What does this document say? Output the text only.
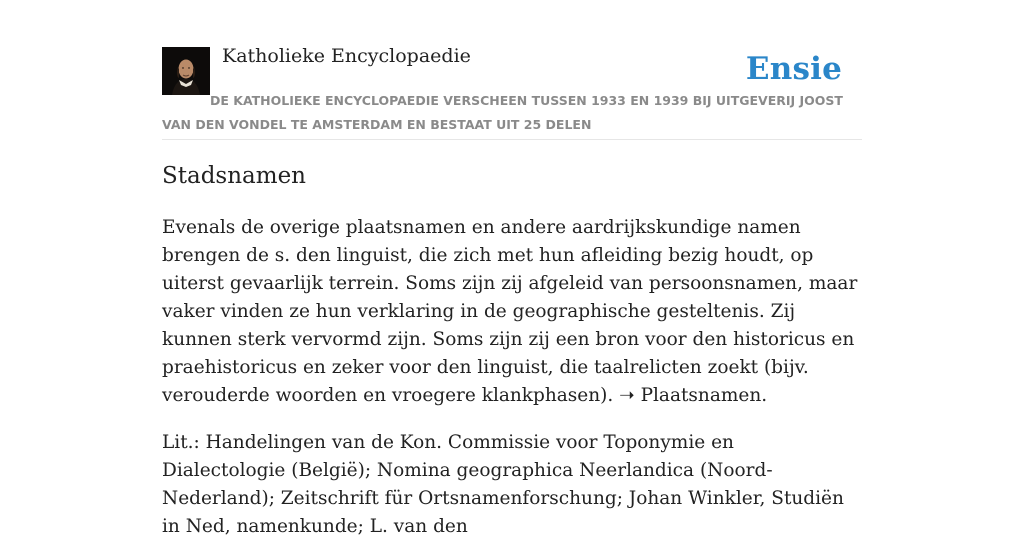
Katholieke Encyclopaedie	Ensie

DE KATHOLIEKE ENCYCLOPAEDIE VERSCHEEN TUSSEN 1933 EN 1939 BIJ UITGEVERIJ JOOST VAN DEN VONDEL TE AMSTERDAM EN BESTAAT UIT 25 DELEN

Stadsnamen

Evenals de overige plaatsnamen en andere aardrijkskundige namen brengen de s. den linguist, die zich met hun afleiding bezig houdt, op uiterst gevaarlijk terrein. Soms zijn zij afgeleid van persoonsnamen, maar vaker vinden ze hun verklaring in de geographische gesteltenis. Zij kunnen sterk vervormd zijn. Soms zijn zij een bron voor den historicus en praehistoricus en zeker voor den linguist, die taalrelicten zoekt (bijv. verouderde woorden en vroegere klankphasen). ➝ Plaatsnamen.

Lit.: Handelingen van de Kon. Commissie voor Toponymie en Dialectologie (België); Nomina geographica Neerlandica (Noord-Nederland); Zeitschrift für Ortsnamenforschung; Johan Winkler, Studiën in Ned, namenkunde; L. van den
